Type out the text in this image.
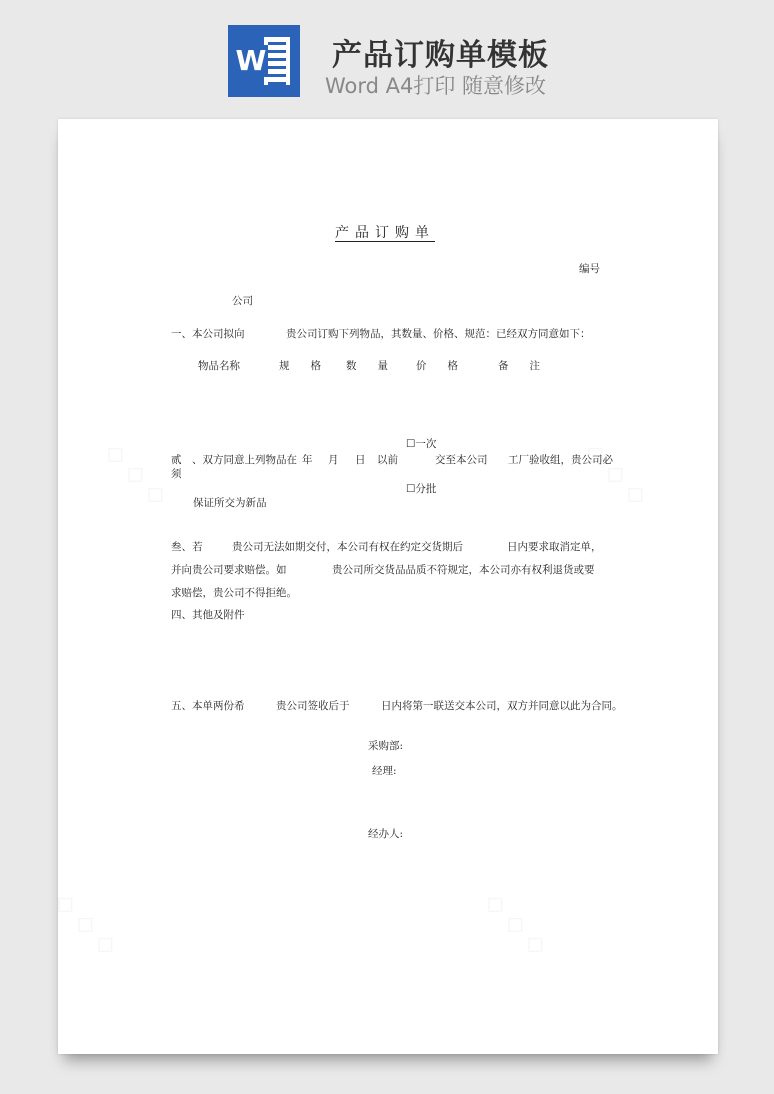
W 产品订购单模板
Word A4打印 随意修改
产品订购单
编号
公司
一、本公司拟向	贵公司订购下列物品，其数量、价格、规范：已经双方同意如下：
物品名称	规　　格 数　　量	价　　格	备　　注
☐一次
贰　、双方同意上列物品在 年 月 日 以前	交至本公司 工厂验收组，贵公司必
须
☐分批
保证所交为新品
叁、若	贵公司无法如期交付，本公司有权在约定交货期后	日内要求取消定单，
并向贵公司要求赔偿。如	贵公司所交货品品质不符规定，本公司亦有权利退货或要
求赔偿，贵公司不得拒绝。
四、其他及附件
五、本单两份希	贵公司签收后于	日内将第一联送交本公司，双方并同意以此为合同。
采购部:
经理:
经办人:
